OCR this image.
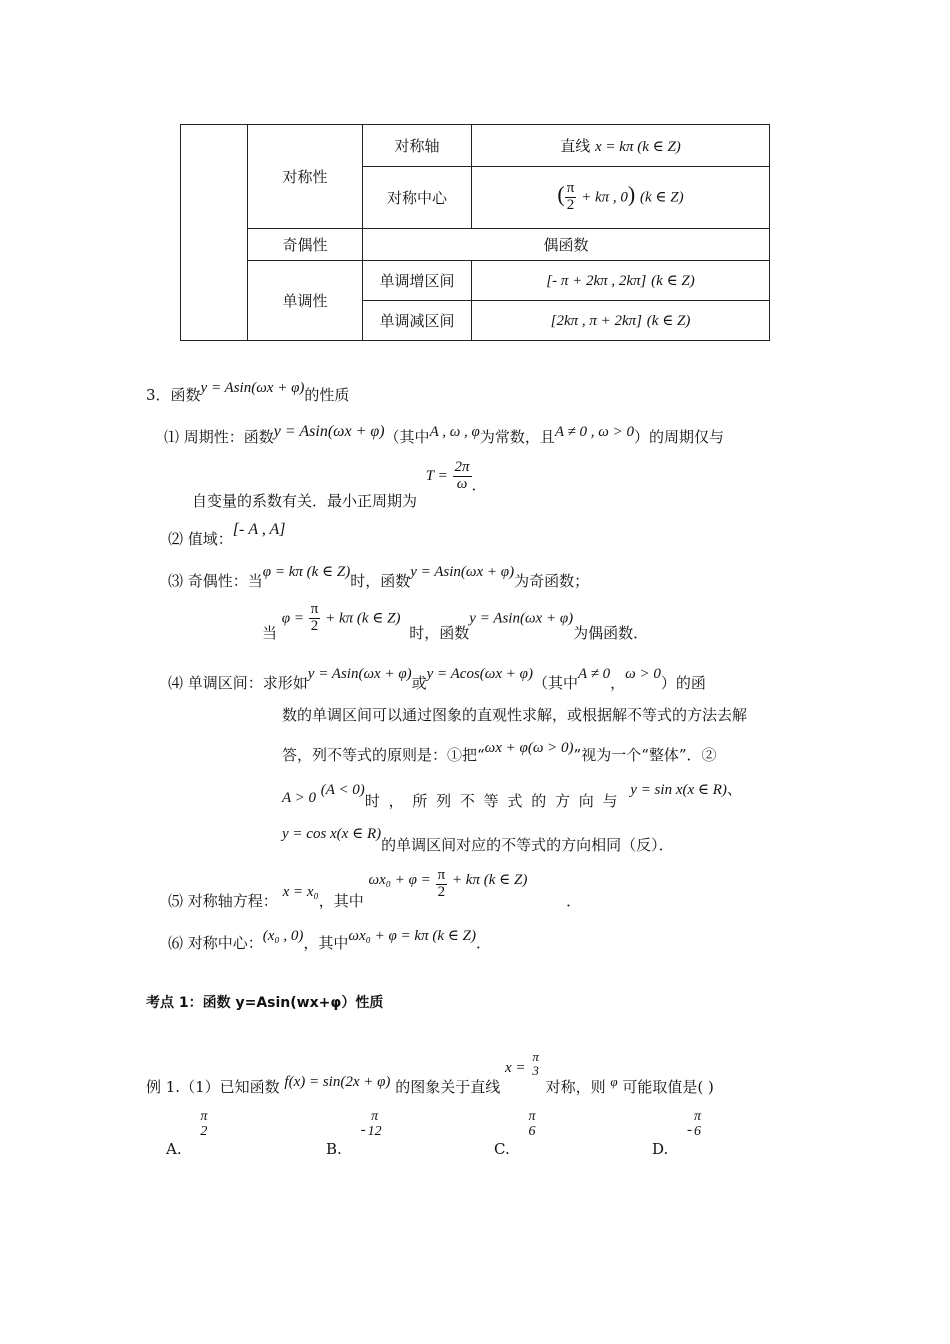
	对称性	对称轴	直线 x = kπ (k ∈ Z)
		对称中心	( $\frac{\pi}{2} + k\pi$ , 0) (k ∈ Z)
	奇偶性	偶函数	
	单调性	单调增区间	[- π + 2kπ , 2kπ] (k ∈ Z)
		单调减区间	[2kπ , π + 2kπ] (k ∈ Z)
3．函数y = Asin(ωx + φ)的性质
⑴ 周期性：函数y = Asin(ωx + φ)（其中A , ω , φ为常数，且A ≠ 0 , ω > 0）的周期仅与
自变量的系数有关．最小正周期为 $T = \frac{2\pi}{\omega}$ ．
⑵ 值域：[- A , A]
⑶ 奇偶性：当φ = kπ (k ∈ Z)时，函数y = Asin(ωx + φ)为奇函数；
当 $\varphi = \frac{\pi}{2} + k\pi$ (k ∈ Z) 时，函数y = Asin(ωx + φ)为偶函数．
⑷ 单调区间：求形如y = Asin(ωx + φ)或y = Acos(ωx + φ)（其中A ≠ 0，ω > 0）的函
数的单调区间可以通过图象的直观性求解，或根据解不等式的方法去解
答，列不等式的原则是：①把“ωx + φ(ω > 0)”视为一个“整体”．②
A > 0 (A < 0)时 ， 所 列 不 等 式 的 方 向 与 y = sin x(x ∈ R)、
y = cos x(x ∈ R)的单调区间对应的不等式的方向相同（反）．
⑸ 对称轴方程： x = x₀，其中 $\omega x_0 + \varphi = \frac{\pi}{2} + k\pi$ (k ∈ Z) ．
⑹ 对称中心：(x₀ , 0)，其中ωx₀ + φ = kπ (k ∈ Z)．
考点 1：函数 y=Asin(wx+φ）性质
例 1.（1）已知函数 f(x) = sin(2x + φ) 的图象关于直线 x =
π
3
对称，则 φ 可能取值是( )
A.
π
2
B. -
π
12
C.
π
6
D. -
π
6
